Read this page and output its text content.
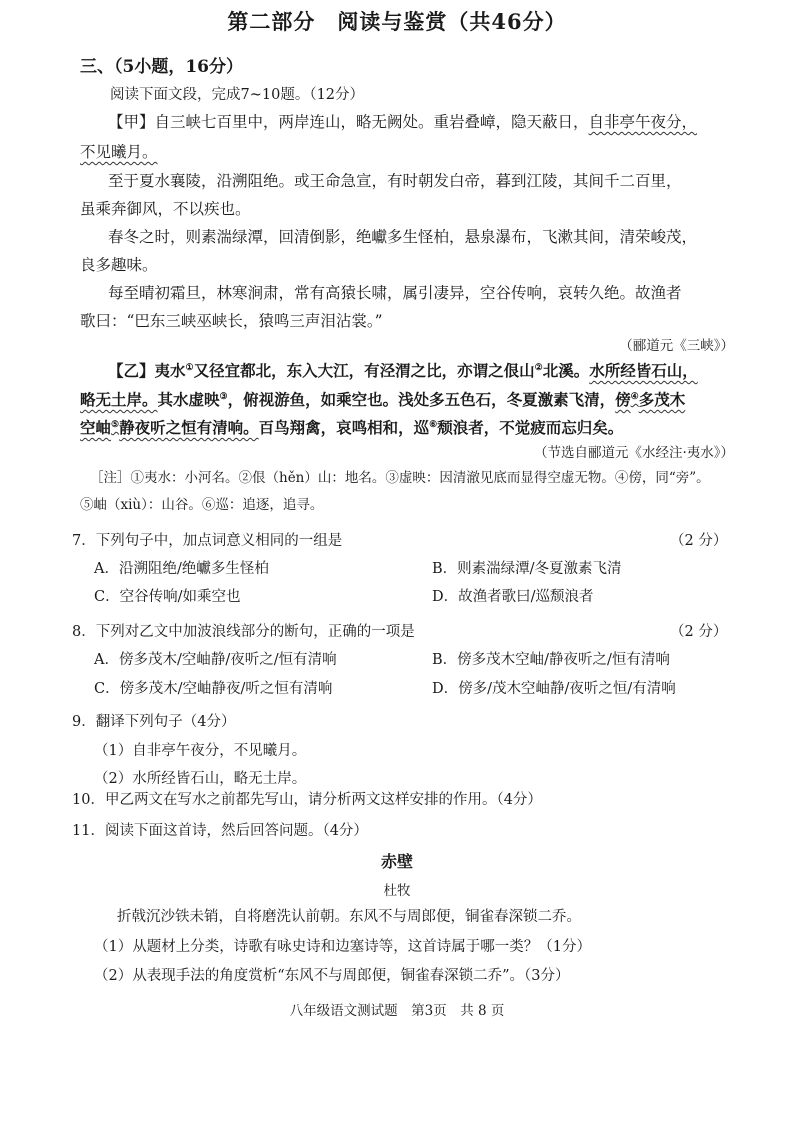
第二部分　阅读与鉴赏（共46分）
三、（5小题，16分）
阅读下面文段，完成7~10题。（12分）
【甲】自三峡七百里中，两岸连山，略无阙处。重岩叠嶂，隐天蔽日，自非亭午夜分，
不见曦月。
至于夏水襄陵，沿溯阻绝。或王命急宣，有时朝发白帝，暮到江陵，其间千二百里，
虽乘奔御风，不以疾也。
春冬之时，则素湍绿潭，回清倒影，绝巘多生怪柏，悬泉瀑布，飞漱其间，清荣峻茂，
良多趣味。
每至晴初霜旦，林寒涧肃，常有高猿长啸，属引凄异，空谷传响，哀转久绝。故渔者
歌曰：“巴东三峡巫峡长，猿鸣三声泪沾裳。”
（郦道元《三峡》）
【乙】夷水①又径宜都北，东入大江，有泾渭之比，亦谓之佷山②北溪。水所经皆石山，
略无土岸。其水虚映③，俯视游鱼，如乘空也。浅处多五色石，冬夏激素飞清，傍④多茂木
空岫⑤静夜听之恒有清响。百鸟翔禽，哀鸣相和，巡⑥颓浪者，不觉疲而忘归矣。
（节选自郦道元《水经注·夷水》）
［注］①夷水：小河名。②佷（hěn）山：地名。③虚映：因清澈见底而显得空虚无物。④傍，同“旁”。
⑤岫（xiù）：山谷。⑥巡：追逐，追寻。
7．下列句子中，加点词意义相同的一组是	（2 分）
A．沿溯阻绝/绝巘多生怪柏	B．则素湍绿潭/冬夏激素飞清
C．空谷传响/如乘空也	D．故渔者歌曰/巡颓浪者
8．下列对乙文中加波浪线部分的断句，正确的一项是	（2 分）
A．傍多茂木/空岫静/夜听之/恒有清响	B．傍多茂木空岫/静夜听之/恒有清响
C．傍多茂木/空岫静夜/听之恒有清响	D．傍多/茂木空岫静/夜听之恒/有清响
9．翻译下列句子（4分）
（1）自非亭午夜分，不见曦月。
（2）水所经皆石山，略无土岸。
10．甲乙两文在写水之前都先写山，请分析两文这样安排的作用。（4分）
11．阅读下面这首诗，然后回答问题。（4分）
赤壁
杜牧
折戟沉沙铁未销，自将磨洗认前朝。东风不与周郎便，铜雀春深锁二乔。
（1）从题材上分类，诗歌有咏史诗和边塞诗等，这首诗属于哪一类？（1分）
（2）从表现手法的角度赏析“东风不与周郎便，铜雀春深锁二乔”。（3分）
八年级语文测试题　第3页　共 8 页
